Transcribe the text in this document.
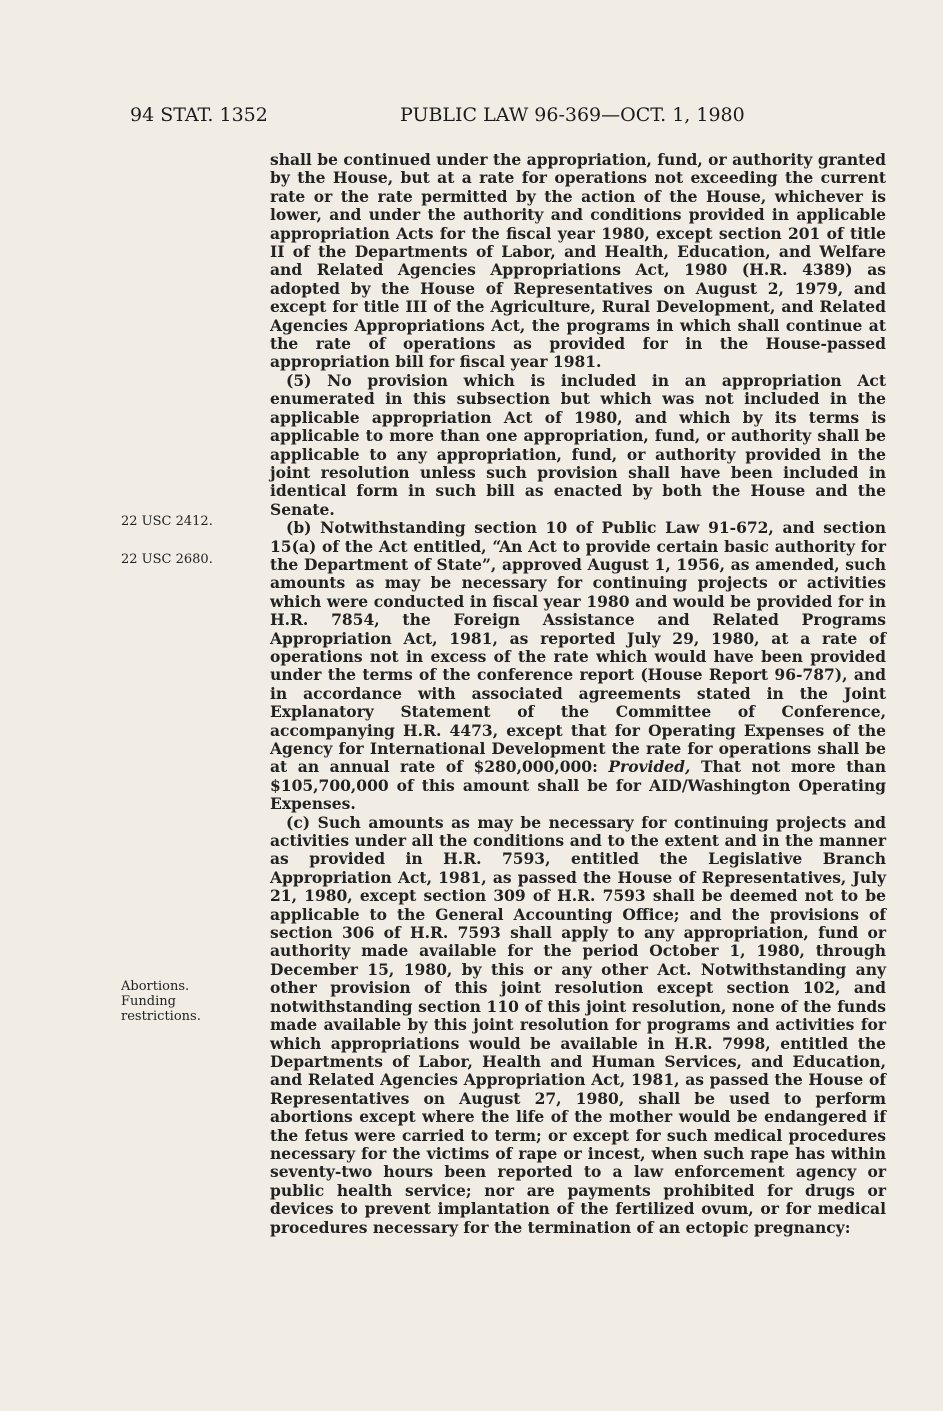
94 STAT. 1352	PUBLIC LAW 96-369—OCT. 1, 1980
22 USC 2412.
22 USC 2680.
Abortions.
Funding
restrictions.

shall be continued under the appropriation, fund, or authority granted by the House, but at a rate for operations not exceeding the current rate or the rate permitted by the action of the House, whichever is lower, and under the authority and conditions provided in applicable appropriation Acts for the fiscal year 1980, except section 201 of title II of the Departments of Labor, and Health, Education, and Welfare and Related Agencies Appropriations Act, 1980 (H.R. 4389) as adopted by the House of Representatives on August 2, 1979, and except for title III of the Agriculture, Rural Development, and Related Agencies Appropriations Act, the programs in which shall continue at the rate of operations as provided for in the House-passed appropriation bill for fiscal year 1981.

(5) No provision which is included in an appropriation Act enumerated in this subsection but which was not included in the applicable appropriation Act of 1980, and which by its terms is applicable to more than one appropriation, fund, or authority shall be applicable to any appropriation, fund, or authority provided in the joint resolution unless such provision shall have been included in identical form in such bill as enacted by both the House and the Senate.

(b) Notwithstanding section 10 of Public Law 91-672, and section 15(a) of the Act entitled, “An Act to provide certain basic authority for the Department of State”, approved August 1, 1956, as amended, such amounts as may be necessary for continuing projects or activities which were conducted in fiscal year 1980 and would be provided for in H.R. 7854, the Foreign Assistance and Related Programs Appropriation Act, 1981, as reported July 29, 1980, at a rate of operations not in excess of the rate which would have been provided under the terms of the conference report (House Report 96-787), and in accordance with associated agreements stated in the Joint Explanatory Statement of the Committee of Conference, accompanying H.R. 4473, except that for Operating Expenses of the Agency for International Development the rate for operations shall be at an annual rate of $280,000,000: Provided, That not more than $105,700,000 of this amount shall be for AID/Washington Operating Expenses.

(c) Such amounts as may be necessary for continuing projects and activities under all the conditions and to the extent and in the manner as provided in H.R. 7593, entitled the Legislative Branch Appropriation Act, 1981, as passed the House of Representatives, July 21, 1980, except section 309 of H.R. 7593 shall be deemed not to be applicable to the General Accounting Office; and the provisions of section 306 of H.R. 7593 shall apply to any appropriation, fund or authority made available for the period October 1, 1980, through December 15, 1980, by this or any other Act. Notwithstanding any other provision of this joint resolution except section 102, and notwithstanding section 110 of this joint resolution, none of the funds made available by this joint resolution for programs and activities for which appropriations would be available in H.R. 7998, entitled the Departments of Labor, Health and Human Services, and Education, and Related Agencies Appropriation Act, 1981, as passed the House of Representatives on August 27, 1980, shall be used to perform abortions except where the life of the mother would be endangered if the fetus were carried to term; or except for such medical procedures necessary for the victims of rape or incest, when such rape has within seventy-two hours been reported to a law enforcement agency or public health service; nor are payments prohibited for drugs or devices to prevent implantation of the fertilized ovum, or for medical procedures necessary for the termination of an ectopic pregnancy:
